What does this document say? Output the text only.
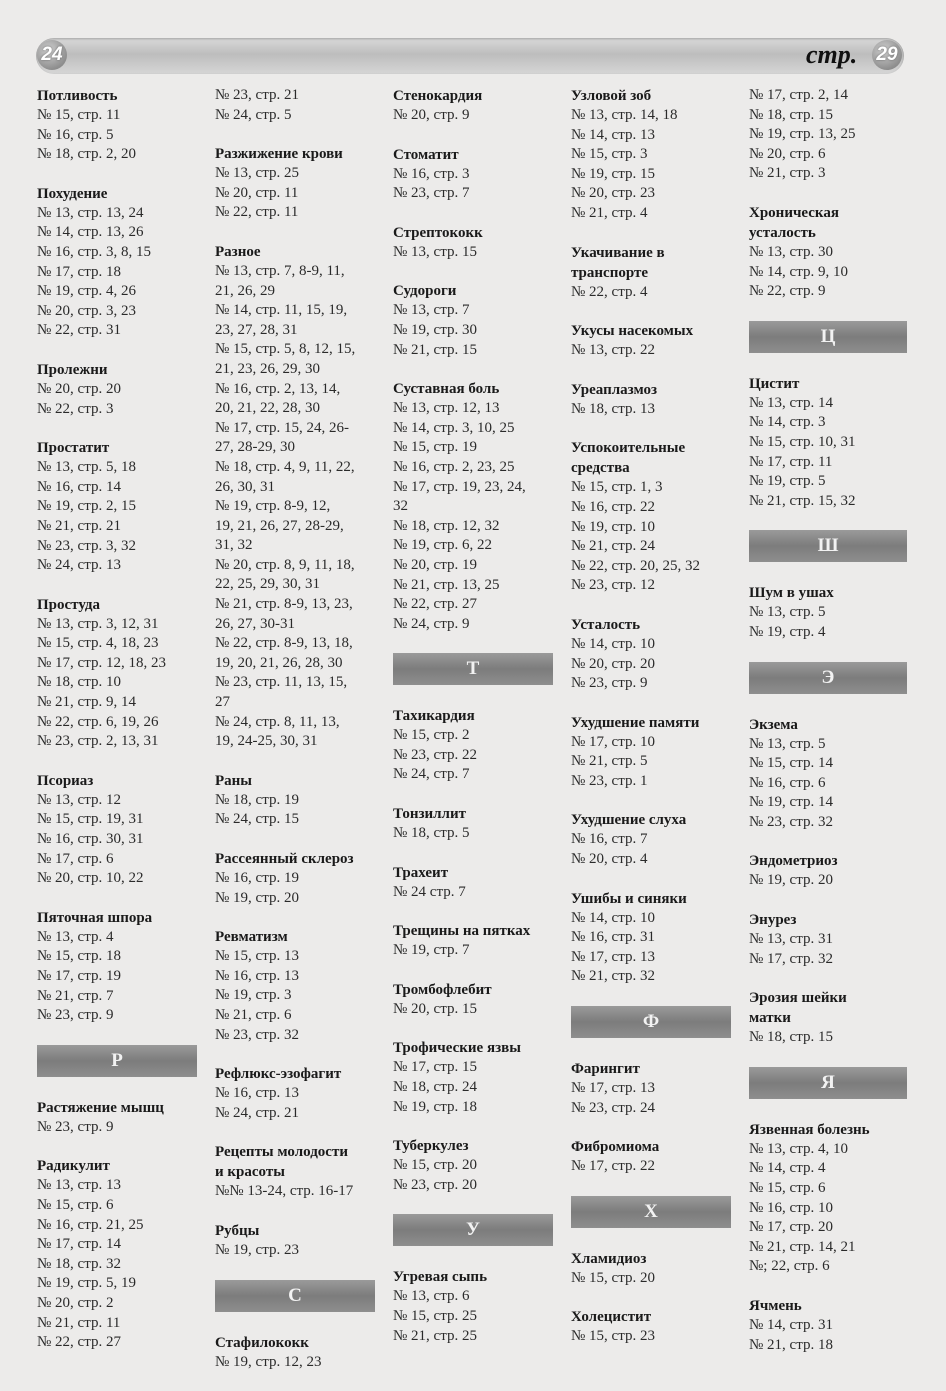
24	стр. 29
Потливость
№ 15, стр. 11
№ 16, стр. 5
№ 18, стр. 2, 20
Похудение
№ 13, стр. 13, 24
№ 14, стр. 13, 26
№ 16, стр. 3, 8, 15
№ 17, стр. 18
№ 19, стр. 4, 26
№ 20, стр. 3, 23
№ 22, стр. 31
Пролежни
№ 20, стр. 20
№ 22, стр. 3
Простатит
№ 13, стр. 5, 18
№ 16, стр. 14
№ 19, стр. 2, 15
№ 21, стр. 21
№ 23, стр. 3, 32
№ 24, стр. 13
Простуда
№ 13, стр. 3, 12, 31
№ 15, стр. 4, 18, 23
№ 17, стр. 12, 18, 23
№ 18, стр. 10
№ 21, стр. 9, 14
№ 22, стр. 6, 19, 26
№ 23, стр. 2, 13, 31
Псориаз
№ 13, стр. 12
№ 15, стр. 19, 31
№ 16, стр. 30, 31
№ 17, стр. 6
№ 20, стр. 10, 22
Пяточная шпора
№ 13, стр. 4
№ 15, стр. 18
№ 17, стр. 19
№ 21, стр. 7
№ 23, стр. 9
Р
Растяжение мышц
№ 23, стр. 9
Радикулит
№ 13, стр. 13
№ 15, стр. 6
№ 16, стр. 21, 25
№ 17, стр. 14
№ 18, стр. 32
№ 19, стр. 5, 19
№ 20, стр. 2
№ 21, стр. 11
№ 22, стр. 27
№ 23, стр. 21
№ 24, стр. 5
Разжижение крови
№ 13, стр. 25
№ 20, стр. 11
№ 22, стр. 11
Разное
№ 13, стр. 7, 8-9, 11,
21, 26, 29
№ 14, стр. 11, 15, 19,
23, 27, 28, 31
№ 15, стр. 5, 8, 12, 15,
21, 23, 26, 29, 30
№ 16, стр. 2, 13, 14,
20, 21, 22, 28, 30
№ 17, стр. 15, 24, 26-
27, 28-29, 30
№ 18, стр. 4, 9, 11, 22,
26, 30, 31
№ 19, стр. 8-9, 12,
19, 21, 26, 27, 28-29,
31, 32
№ 20, стр. 8, 9, 11, 18,
22, 25, 29, 30, 31
№ 21, стр. 8-9, 13, 23,
26, 27, 30-31
№ 22, стр. 8-9, 13, 18,
19, 20, 21, 26, 28, 30
№ 23, стр. 11, 13, 15,
27
№ 24, стр. 8, 11, 13,
19, 24-25, 30, 31
Раны
№ 18, стр. 19
№ 24, стр. 15
Рассеянный склероз
№ 16, стр. 19
№ 19, стр. 20
Ревматизм
№ 15, стр. 13
№ 16, стр. 13
№ 19, стр. 3
№ 21, стр. 6
№ 23, стр. 32
Рефлюкс-эзофагит
№ 16, стр. 13
№ 24, стр. 21
Рецепты молодости
и красоты
№№ 13-24, стр. 16-17
Рубцы
№ 19, стр. 23
С
Стафилококк
№ 19, стр. 12, 23
Стенокардия
№ 20, стр. 9
Стоматит
№ 16, стр. 3
№ 23, стр. 7
Стрептококк
№ 13, стр. 15
Судороги
№ 13, стр. 7
№ 19, стр. 30
№ 21, стр. 15
Суставная боль
№ 13, стр. 12, 13
№ 14, стр. 3, 10, 25
№ 15, стр. 19
№ 16, стр. 2, 23, 25
№ 17, стр. 19, 23, 24,
32
№ 18, стр. 12, 32
№ 19, стр. 6, 22
№ 20, стр. 19
№ 21, стр. 13, 25
№ 22, стр. 27
№ 24, стр. 9
Т
Тахикардия
№ 15, стр. 2
№ 23, стр. 22
№ 24, стр. 7
Тонзиллит
№ 18, стр. 5
Трахеит
№ 24 стр. 7
Трещины на пятках
№ 19, стр. 7
Тромбофлебит
№ 20, стр. 15
Трофические язвы
№ 17, стр. 15
№ 18, стр. 24
№ 19, стр. 18
Туберкулез
№ 15, стр. 20
№ 23, стр. 20
У
Угревая сыпь
№ 13, стр. 6
№ 15, стр. 25
№ 21, стр. 25
Узловой зоб
№ 13, стр. 14, 18
№ 14, стр. 13
№ 15, стр. 3
№ 19, стр. 15
№ 20, стр. 23
№ 21, стр. 4
Укачивание в
транспорте
№ 22, стр. 4
Укусы насекомых
№ 13, стр. 22
Уреаплазмоз
№ 18, стр. 13
Успокоительные
средства
№ 15, стр. 1, 3
№ 16, стр. 22
№ 19, стр. 10
№ 21, стр. 24
№ 22, стр. 20, 25, 32
№ 23, стр. 12
Усталость
№ 14, стр. 10
№ 20, стр. 20
№ 23, стр. 9
Ухудшение памяти
№ 17, стр. 10
№ 21, стр. 5
№ 23, стр. 1
Ухудшение слуха
№ 16, стр. 7
№ 20, стр. 4
Ушибы и синяки
№ 14, стр. 10
№ 16, стр. 31
№ 17, стр. 13
№ 21, стр. 32
Ф
Фарингит
№ 17, стр. 13
№ 23, стр. 24
Фибромиома
№ 17, стр. 22
Х
Хламидиоз
№ 15, стр. 20
Холецистит
№ 15, стр. 23
№ 17, стр. 2, 14
№ 18, стр. 15
№ 19, стр. 13, 25
№ 20, стр. 6
№ 21, стр. 3
Хроническая
усталость
№ 13, стр. 30
№ 14, стр. 9, 10
№ 22, стр. 9
Ц
Цистит
№ 13, стр. 14
№ 14, стр. 3
№ 15, стр. 10, 31
№ 17, стр. 11
№ 19, стр. 5
№ 21, стр. 15, 32
Ш
Шум в ушах
№ 13, стр. 5
№ 19, стр. 4
Э
Экзема
№ 13, стр. 5
№ 15, стр. 14
№ 16, стр. 6
№ 19, стр. 14
№ 23, стр. 32
Эндометриоз
№ 19, стр. 20
Энурез
№ 13, стр. 31
№ 17, стр. 32
Эрозия шейки
матки
№ 18, стр. 15
Я
Язвенная болезнь
№ 13, стр. 4, 10
№ 14, стр. 4
№ 15, стр. 6
№ 16, стр. 10
№ 17, стр. 20
№ 21, стр. 14, 21
№; 22, стр. 6
Ячмень
№ 14, стр. 31
№ 21, стр. 18
